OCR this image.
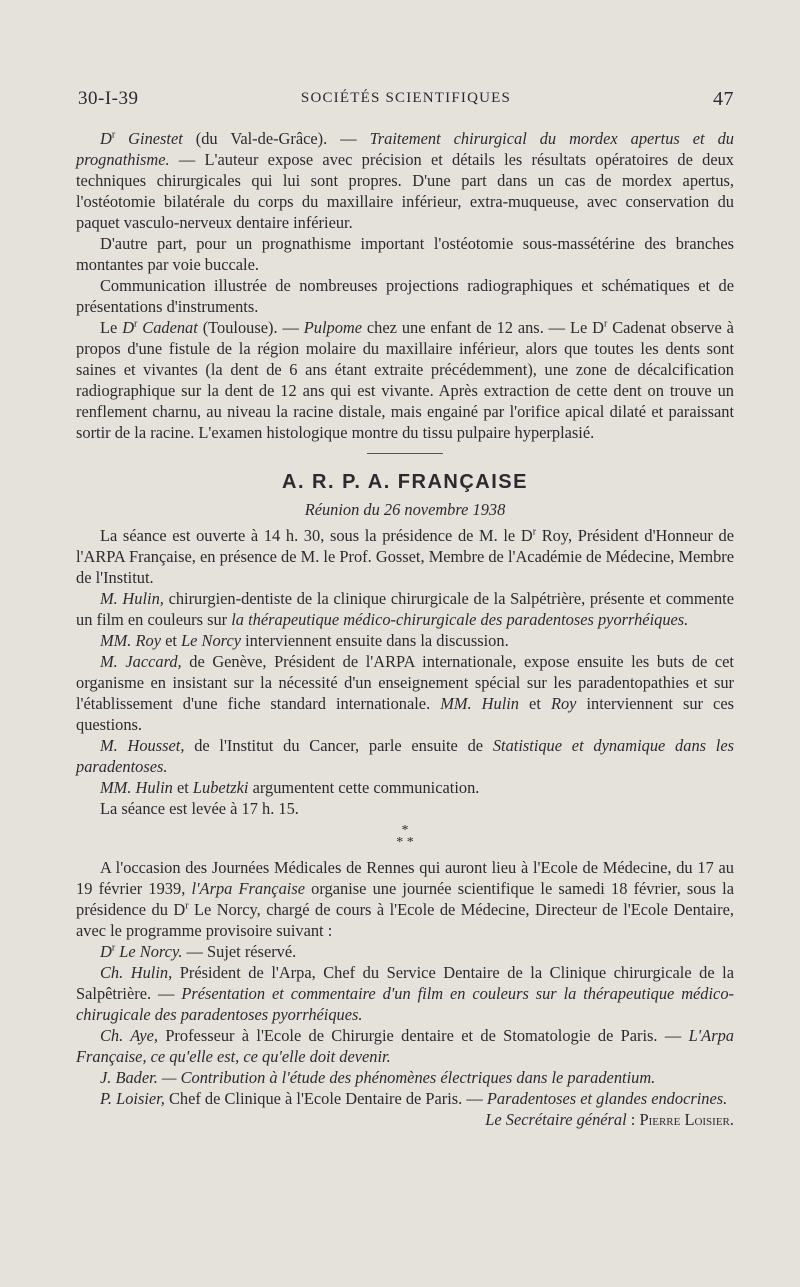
30-I-39	SOCIÉTÉS SCIENTIFIQUES	47

$D^r$ Ginestet (du Val-de-Grâce). — Traitement chirurgical du mordex apertus et du prognathisme. — L'auteur expose avec précision et détails les résultats opératoires de deux techniques chirurgicales qui lui sont propres. D'une part dans un cas de mordex apertus, l'ostéotomie bilatérale du corps du maxillaire inférieur, extra-muqueuse, avec conservation du paquet vasculo-nerveux dentaire inférieur.

D'autre part, pour un prognathisme important l'ostéotomie sous-massétérine des branches montantes par voie buccale.

Communication illustrée de nombreuses projections radiographiques et schématiques et de présentations d'instruments.

Le $D^r$ Cadenat (Toulouse). — Pulpome chez une enfant de 12 ans. — Le $D^r$ Cadenat observe à propos d'une fistule de la région molaire du maxillaire inférieur, alors que toutes les dents sont saines et vivantes (la dent de 6 ans étant extraite précédemment), une zone de décalcification radiographique sur la dent de 12 ans qui est vivante. Après extraction de cette dent on trouve un renflement charnu, au niveau la racine distale, mais engainé par l'orifice apical dilaté et paraissant sortir de la racine. L'examen histologique montre du tissu pulpaire hyperplasié.

A. R. P. A. FRANÇAISE
Réunion du 26 novembre 1938

La séance est ouverte à 14 h. 30, sous la présidence de M. le $D^r$ Roy, Président d'Honneur de l'ARPA Française, en présence de M. le Prof. Gosset, Membre de l'Académie de Médecine, Membre de l'Institut.

M. Hulin, chirurgien-dentiste de la clinique chirurgicale de la Salpétrière, présente et commente un film en couleurs sur la thérapeutique médico-chirurgicale des paradentoses pyorrhéiques.

MM. Roy et Le Norcy interviennent ensuite dans la discussion.

M. Jaccard, de Genève, Président de l'ARPA internationale, expose ensuite les buts de cet organisme en insistant sur la nécessité d'un enseignement spécial sur les paradentopathies et sur l'établissement d'une fiche standard internationale. MM. Hulin et Roy interviennent sur ces questions.

M. Housset, de l'Institut du Cancer, parle ensuite de Statistique et dynamique dans les paradentoses.

MM. Hulin et Lubetzki argumentent cette communication.

La séance est levée à 17 h. 15.

*
* *

A l'occasion des Journées Médicales de Rennes qui auront lieu à l'Ecole de Médecine, du 17 au 19 février 1939, l'Arpa Française organise une journée scientifique le samedi 18 février, sous la présidence du $D^r$ Le Norcy, chargé de cours à l'Ecole de Médecine, Directeur de l'Ecole Dentaire, avec le programme provisoire suivant :

$D^r$ Le Norcy. — Sujet réservé.

Ch. Hulin, Président de l'Arpa, Chef du Service Dentaire de la Clinique chirurgicale de la Salpêtrière. — Présentation et commentaire d'un film en couleurs sur la thérapeutique médico-chirugicale des paradentoses pyorrhéiques.

Ch. Aye, Professeur à l'Ecole de Chirurgie dentaire et de Stomatologie de Paris. — L'Arpa Française, ce qu'elle est, ce qu'elle doit devenir.

J. Bader. — Contribution à l'étude des phénomènes électriques dans le paradentium.

P. Loisier, Chef de Clinique à l'Ecole Dentaire de Paris. — Paradentoses et glandes endocrines.
Le Secrétaire général : Pierre Loisier.
